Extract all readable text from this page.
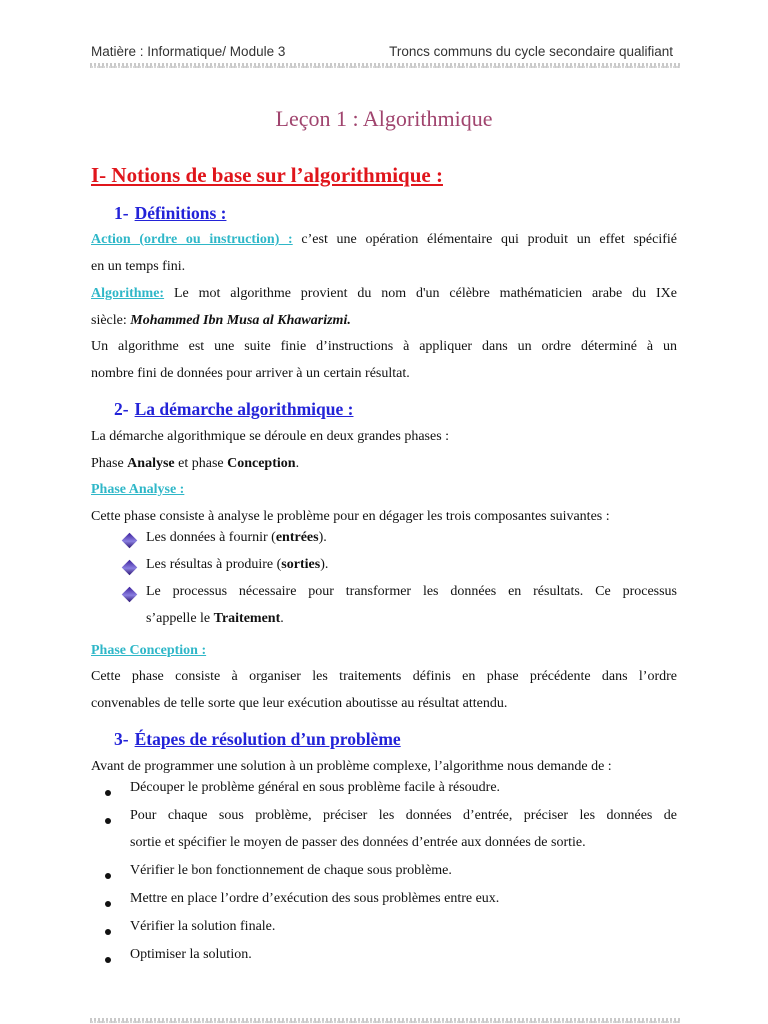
Matière : Informatique/ Module 3	Troncs communs du cycle secondaire qualifiant
Leçon 1 : Algorithmique
I- Notions de base sur l’algorithmique :
1- Définitions :
Action (ordre ou instruction) : c’est une opération élémentaire qui produit un effet spécifié
en un temps fini.
Algorithme: Le mot algorithme provient du nom d'un célèbre mathématicien arabe du IXe
siècle: Mohammed Ibn Musa al Khawarizmi.
Un algorithme est une suite finie d’instructions à appliquer dans un ordre déterminé à un
nombre fini de données pour arriver à un certain résultat.
2- La démarche algorithmique :
La démarche algorithmique se déroule en deux grandes phases :
Phase Analyse et phase Conception.
Phase Analyse :
Cette phase consiste à analyse le problème pour en dégager les trois composantes suivantes :
Les données à fournir (entrées).
Les résultas à produire (sorties).
Le processus nécessaire pour transformer les données en résultats. Ce processus
s’appelle le Traitement.
Phase Conception :
Cette phase consiste à organiser les traitements définis en phase précédente dans l’ordre
convenables de telle sorte que leur exécution aboutisse au résultat attendu.
3- Étapes de résolution d’un problème
Avant de programmer une solution à un problème complexe, l’algorithme nous demande de :
Découper le problème général en sous problème facile à résoudre.
Pour chaque sous problème, préciser les données d’entrée, préciser les données de
sortie et spécifier le moyen de passer des données d’entrée aux données de sortie.
Vérifier le bon fonctionnement de chaque sous problème.
Mettre en place l’ordre d’exécution des sous problèmes entre eux.
Vérifier la solution finale.
Optimiser la solution.
